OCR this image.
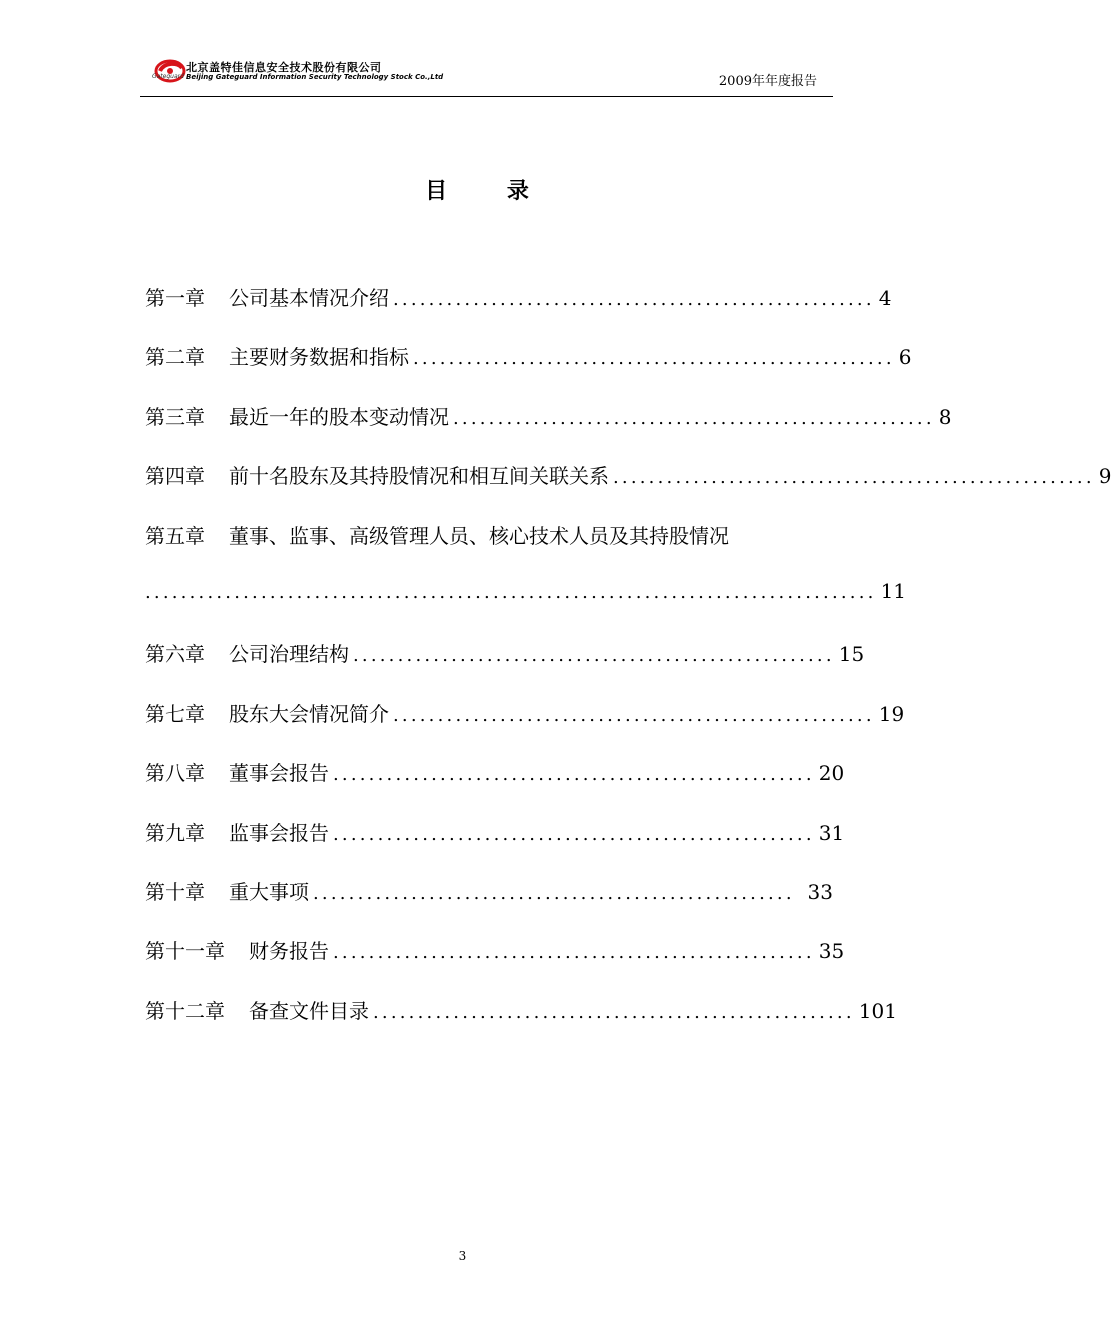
北京盖特佳信息安全技术股份有限公司
Beijing Gateguard Information Security Technology Stock Co.,Ltd	2009年年度报告
Gateguard
目 录
第一章 公司基本情况介绍 ...................................................... 4
第二章 主要财务数据和指标 ...................................................... 6
第三章 最近一年的股本变动情况 ...................................................... 8
第四章 前十名股东及其持股情况和相互间关联关系 ...................................................... 9
第五章 董事、监事、高级管理人员、核心技术人员及其持股情况
.................................................................................. 11
第六章 公司治理结构 ...................................................... 15
第七章 股东大会情况简介 ...................................................... 19
第八章 董事会报告 ...................................................... 20
第九章 监事会报告 ...................................................... 31
第十章 重大事项 ...................................................... 33
第十一章 财务报告 ...................................................... 35
第十二章 备查文件目录 ...................................................... 101
3
